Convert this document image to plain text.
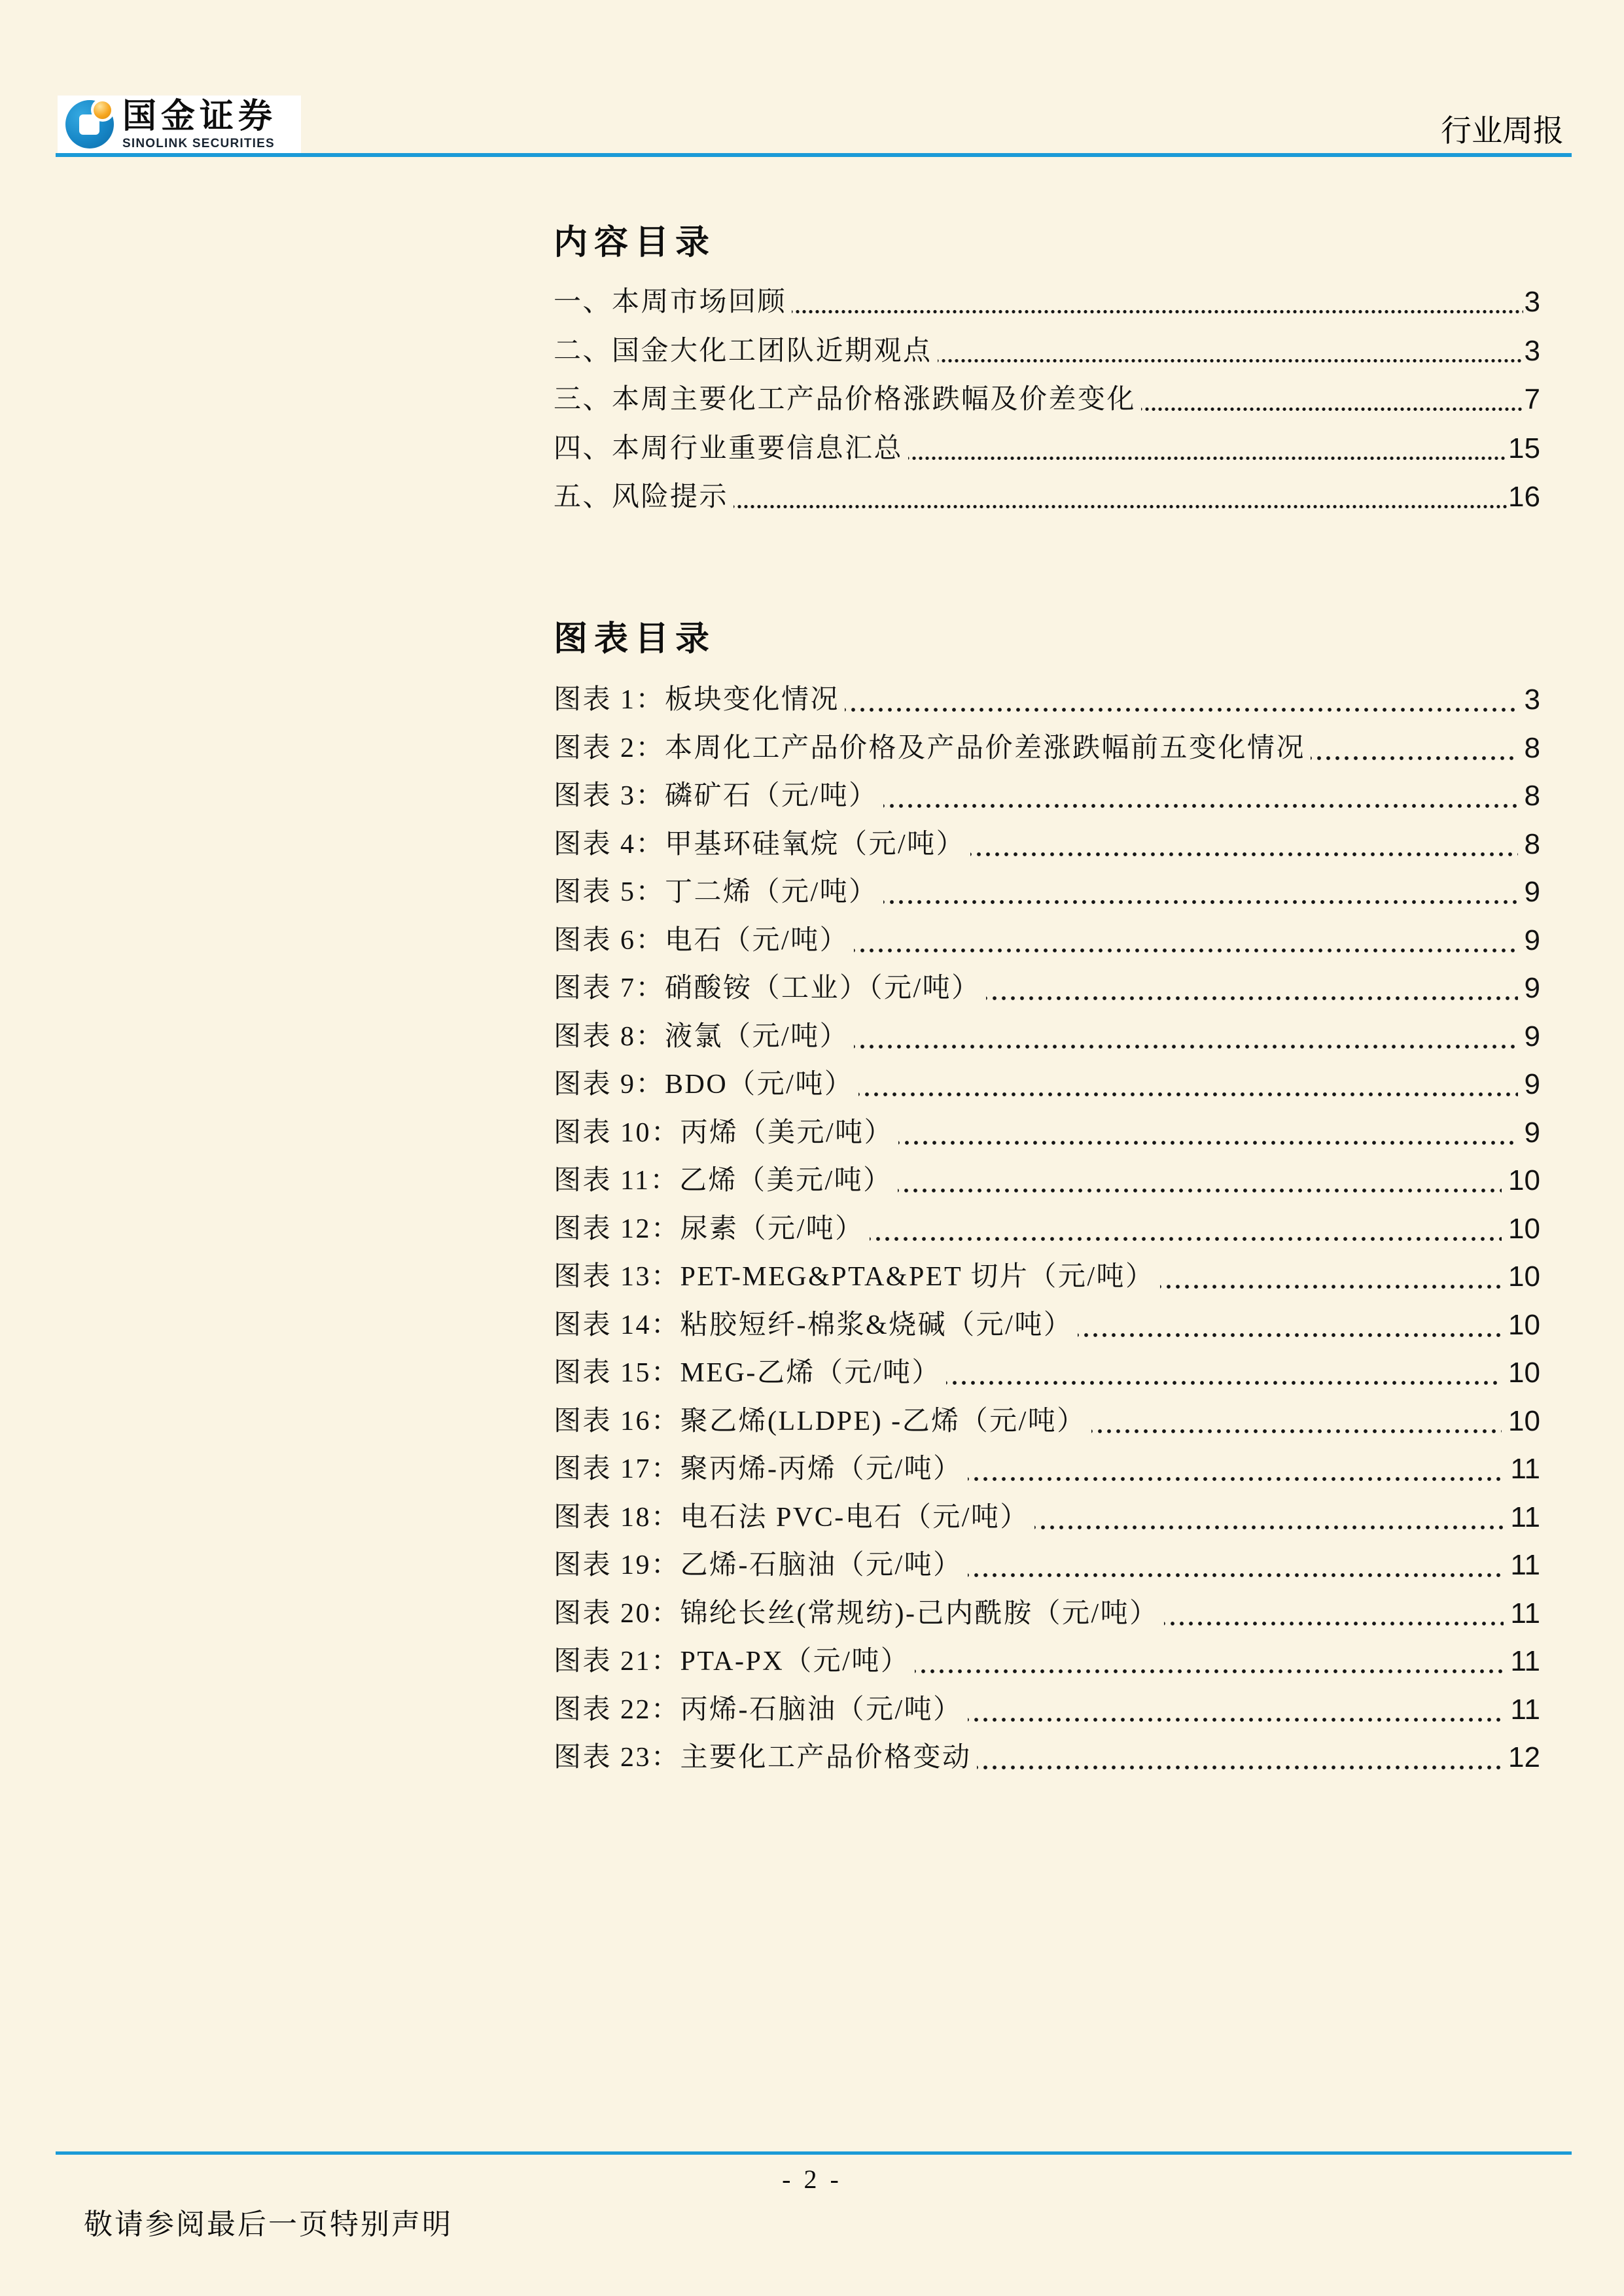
国金证券
SINOLINK SECURITIES	行业周报
内容目录
一、本周市场回顾	3
二、国金大化工团队近期观点	3
三、本周主要化工产品价格涨跌幅及价差变化	7
四、本周行业重要信息汇总	15
五、风险提示	16
图表目录
图表 1：板块变化情况	3
图表 2：本周化工产品价格及产品价差涨跌幅前五变化情况	8
图表 3：磷矿石（元/吨）	8
图表 4：甲基环硅氧烷（元/吨）	8
图表 5：丁二烯（元/吨）	9
图表 6：电石（元/吨）	9
图表 7：硝酸铵（工业）（元/吨）	9
图表 8：液氯（元/吨）	9
图表 9：BDO（元/吨）	9
图表 10：丙烯（美元/吨）	9
图表 11：乙烯（美元/吨）	10
图表 12：尿素（元/吨）	10
图表 13：PET-MEG&PTA&PET 切片（元/吨）	10
图表 14：粘胶短纤-棉浆&烧碱（元/吨）	10
图表 15：MEG-乙烯（元/吨）	10
图表 16：聚乙烯(LLDPE) -乙烯（元/吨）	10
图表 17：聚丙烯-丙烯（元/吨）	11
图表 18：电石法 PVC-电石（元/吨）	11
图表 19：乙烯-石脑油（元/吨）	11
图表 20：锦纶长丝(常规纺)-己内酰胺（元/吨）	11
图表 21：PTA-PX（元/吨）	11
图表 22：丙烯-石脑油（元/吨）	11
图表 23：主要化工产品价格变动	12
- 2 -
敬请参阅最后一页特别声明
